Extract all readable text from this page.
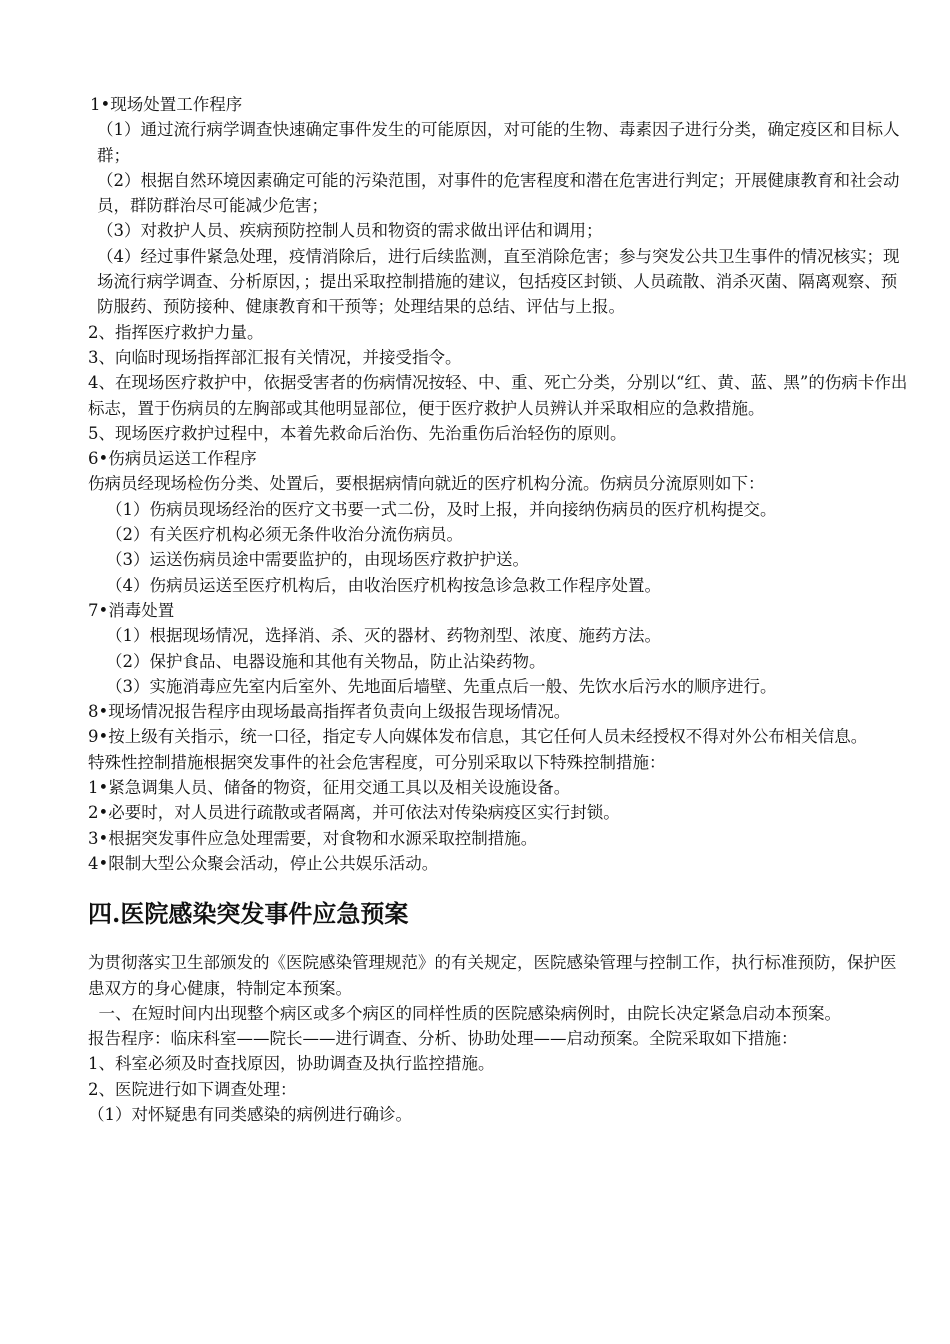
1•现场处置工作程序

（1）通过流行病学调查快速确定事件发生的可能原因，对可能的生物、毒素因子进行分类，确定疫区和目标人群；

（2）根据自然环境因素确定可能的污染范围，对事件的危害程度和潜在危害进行判定；开展健康教育和社会动员，群防群治尽可能减少危害；

（3）对救护人员、疾病预防控制人员和物资的需求做出评估和调用；

（4）经过事件紧急处理，疫情消除后，进行后续监测，直至消除危害；参与突发公共卫生事件的情况核实；现场流行病学调查、分析原因，；提出采取控制措施的建议，包括疫区封锁、人员疏散、消杀灭菌、隔离观察、预防服药、预防接种、健康教育和干预等；处理结果的总结、评估与上报。

2、指挥医疗救护力量。

3、向临时现场指挥部汇报有关情况，并接受指令。

4、在现场医疗救护中，依据受害者的伤病情况按轻、中、重、死亡分类，分别以“红、黄、蓝、黑”的伤病卡作出标志，置于伤病员的左胸部或其他明显部位，便于医疗救护人员辨认并采取相应的急救措施。

5、现场医疗救护过程中，本着先救命后治伤、先治重伤后治轻伤的原则。

6•伤病员运送工作程序

伤病员经现场检伤分类、处置后，要根据病情向就近的医疗机构分流。伤病员分流原则如下：

（1）伤病员现场经治的医疗文书要一式二份，及时上报，并向接纳伤病员的医疗机构提交。

（2）有关医疗机构必须无条件收治分流伤病员。

（3）运送伤病员途中需要监护的，由现场医疗救护护送。

（4）伤病员运送至医疗机构后，由收治医疗机构按急诊急救工作程序处置。

7•消毒处置

（1）根据现场情况，选择消、杀、灭的器材、药物剂型、浓度、施药方法。

（2）保护食品、电器设施和其他有关物品，防止沾染药物。

（3）实施消毒应先室内后室外、先地面后墙壁、先重点后一般、先饮水后污水的顺序进行。

8•现场情况报告程序由现场最高指挥者负责向上级报告现场情况。

9•按上级有关指示，统一口径，指定专人向媒体发布信息，其它任何人员未经授权不得对外公布相关信息。

特殊性控制措施根据突发事件的社会危害程度，可分别采取以下特殊控制措施：

1•紧急调集人员、储备的物资，征用交通工具以及相关设施设备。

2•必要时，对人员进行疏散或者隔离，并可依法对传染病疫区实行封锁。

3•根据突发事件应急处理需要，对食物和水源采取控制措施。

4•限制大型公众聚会活动，停止公共娱乐活动。

四.医院感染突发事件应急预案

为贯彻落实卫生部颁发的《医院感染管理规范》的有关规定，医院感染管理与控制工作，执行标准预防，保护医患双方的身心健康，特制定本预案。

一、在短时间内出现整个病区或多个病区的同样性质的医院感染病例时，由院长决定紧急启动本预案。

报告程序：临床科室——院长——进行调查、分析、协助处理——启动预案。全院采取如下措施：

1、科室必须及时查找原因，协助调查及执行监控措施。

2、医院进行如下调查处理：

（1）对怀疑患有同类感染的病例进行确诊。
